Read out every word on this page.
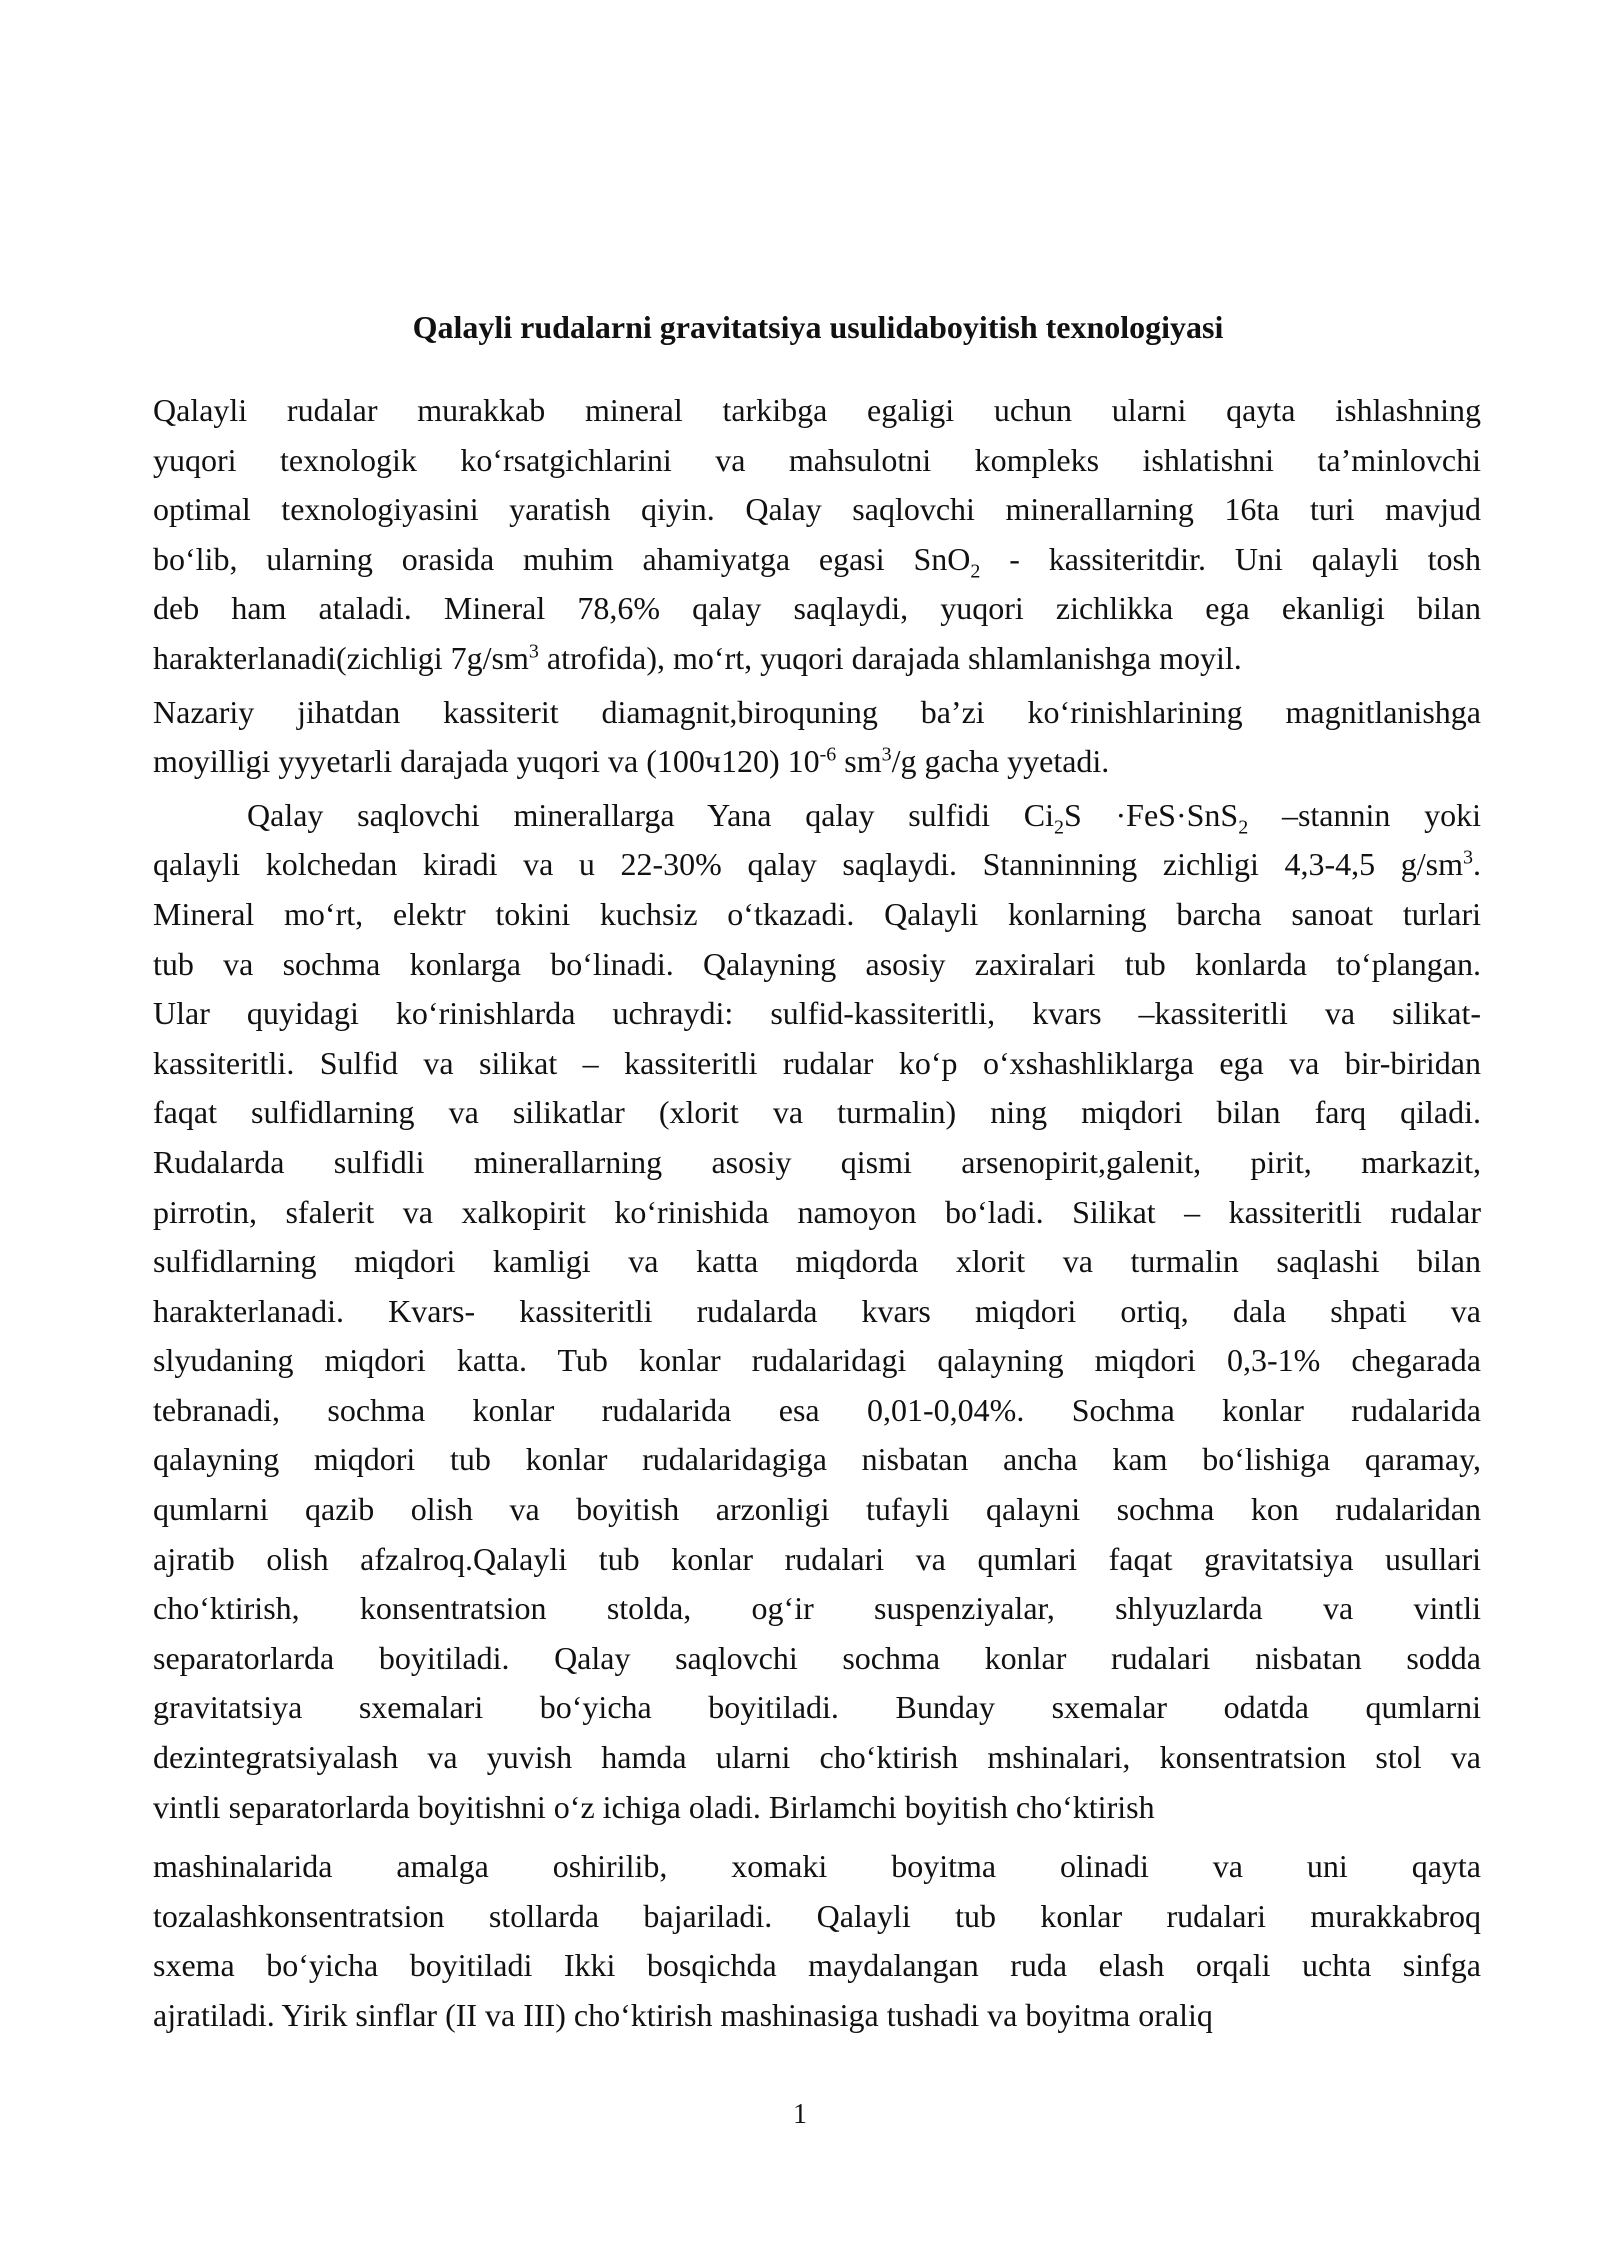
Qalayli rudalarni gravitatsiya usulidaboyitish texnologiyasi
Qalayli rudalar murakkab mineral tarkibga egaligi uchun ularni qayta ishlashning
yuqori texnologik koʻrsatgichlarini va mahsulotni kompleks ishlatishni taʼminlovchi
optimal texnologiyasini yaratish qiyin. Qalay saqlovchi minerallarning 16ta turi mavjud
boʻlib, ularning orasida muhim ahamiyatga egasi SnO$_2$ - kassiteritdir. Uni qalayli tosh
deb ham ataladi. Mineral 78,6% qalay saqlaydi, yuqori zichlikka ega ekanligi bilan
harakterlanadi(zichligi $7g/sm^3$ atrofida), moʻrt, yuqori darajada shlamlanishga moyil.
Nazariy jihatdan kassiterit diamagnit,biroquning baʼzi koʻrinishlarining magnitlanishga
moyilligi yyyetarli darajada yuqori va (100ч120) $10^{-6}$ $sm^3/g$ gacha yyetadi.
Qalay saqlovchi minerallarga Yana qalay sulfidi $Ci_2S \cdot FeS\cdot SnS_2$ –stannin yoki
qalayli kolchedan kiradi va u 22-30% qalay saqlaydi. Stanninning zichligi 4,3-4,5 $g/sm^3$.
Mineral moʻrt, elektr tokini kuchsiz oʻtkazadi. Qalayli konlarning barcha sanoat turlari
tub va sochma konlarga boʻlinadi. Qalayning asosiy zaxiralari tub konlarda toʻplangan.
Ular quyidagi koʻrinishlarda uchraydi: sulfid-kassiteritli, kvars –kassiteritli va silikat-
kassiteritli. Sulfid va silikat – kassiteritli rudalar koʻp oʻxshashliklarga ega va bir-biridan
faqat sulfidlarning va silikatlar (xlorit va turmalin) ning miqdori bilan farq qiladi.
Rudalarda sulfidli minerallarning asosiy qismi arsenopirit,galenit, pirit, markazit,
pirrotin, sfalerit va xalkopirit koʻrinishida namoyon boʻladi. Silikat – kassiteritli rudalar
sulfidlarning miqdori kamligi va katta miqdorda xlorit va turmalin saqlashi bilan
harakterlanadi. Kvars- kassiteritli rudalarda kvars miqdori ortiq, dala shpati va
slyudaning miqdori katta. Tub konlar rudalaridagi qalayning miqdori 0,3-1% chegarada
tebranadi, sochma konlar rudalarida esa 0,01-0,04%. Sochma konlar rudalarida
qalayning miqdori tub konlar rudalaridagiga nisbatan ancha kam boʻlishiga qaramay,
qumlarni qazib olish va boyitish arzonligi tufayli qalayni sochma kon rudalaridan
ajratib olish afzalroq.Qalayli tub konlar rudalari va qumlari faqat gravitatsiya usullari
choʻktirish, konsentratsion stolda, ogʻir suspenziyalar, shlyuzlarda va vintli
separatorlarda boyitiladi. Qalay saqlovchi sochma konlar rudalari nisbatan sodda
gravitatsiya sxemalari boʻyicha boyitiladi. Bunday sxemalar odatda qumlarni
dezintegratsiyalash va yuvish hamda ularni choʻktirish mshinalari, konsentratsion stol va
vintli separatorlarda boyitishni oʻz ichiga oladi. Birlamchi boyitish choʻktirish
mashinalarida amalga oshirilib, xomaki boyitma olinadi va uni qayta
tozalashkonsentratsion stollarda bajariladi. Qalayli tub konlar rudalari murakkabroq
sxema boʻyicha boyitiladi Ikki bosqichda maydalangan ruda elash orqali uchta sinfga
ajratiladi. Yirik sinflar (II va III) choʻktirish mashinasiga tushadi va boyitma oraliq
1
